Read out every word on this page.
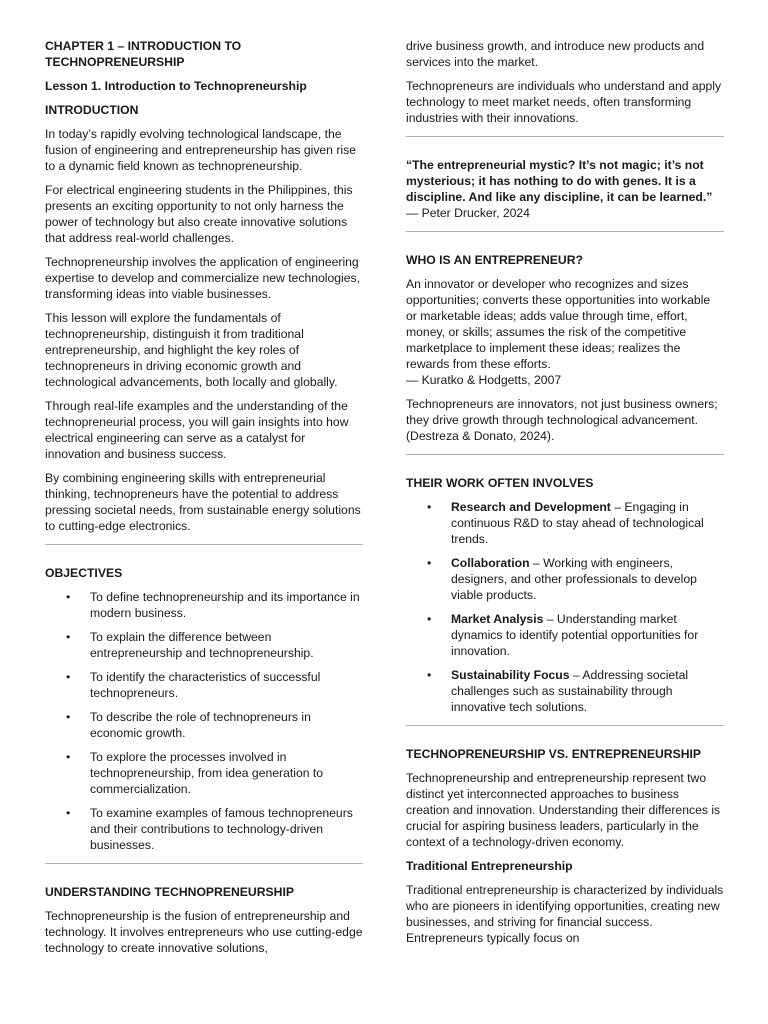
CHAPTER 1 – INTRODUCTION TO TECHNOPRENEURSHIP

Lesson 1. Introduction to Technopreneurship

INTRODUCTION

In today’s rapidly evolving technological landscape, the fusion of engineering and entrepreneurship has given rise to a dynamic field known as technopreneurship.

For electrical engineering students in the Philippines, this presents an exciting opportunity to not only harness the power of technology but also create innovative solutions that address real-world challenges.

Technopreneurship involves the application of engineering expertise to develop and commercialize new technologies, transforming ideas into viable businesses.

This lesson will explore the fundamentals of technopreneurship, distinguish it from traditional entrepreneurship, and highlight the key roles of technopreneurs in driving economic growth and technological advancements, both locally and globally.

Through real-life examples and the understanding of the technopreneurial process, you will gain insights into how electrical engineering can serve as a catalyst for innovation and business success.

By combining engineering skills with entrepreneurial thinking, technopreneurs have the potential to address pressing societal needs, from sustainable energy solutions to cutting-edge electronics.

OBJECTIVES

• To define technopreneurship and its importance in modern business.
• To explain the difference between entrepreneurship and technopreneurship.
• To identify the characteristics of successful technopreneurs.
• To describe the role of technopreneurs in economic growth.
• To explore the processes involved in technopreneurship, from idea generation to commercialization.
• To examine examples of famous technopreneurs and their contributions to technology-driven businesses.

UNDERSTANDING TECHNOPRENEURSHIP

Technopreneurship is the fusion of entrepreneurship and technology. It involves entrepreneurs who use cutting-edge technology to create innovative solutions,

drive business growth, and introduce new products and services into the market.

Technopreneurs are individuals who understand and apply technology to meet market needs, often transforming industries with their innovations.

“The entrepreneurial mystic? It’s not magic; it’s not mysterious; it has nothing to do with genes. It is a discipline. And like any discipline, it can be learned.”
— Peter Drucker, 2024

WHO IS AN ENTREPRENEUR?

An innovator or developer who recognizes and sizes opportunities; converts these opportunities into workable or marketable ideas; adds value through time, effort, money, or skills; assumes the risk of the competitive marketplace to implement these ideas; realizes the rewards from these efforts.
— Kuratko & Hodgetts, 2007

Technopreneurs are innovators, not just business owners; they drive growth through technological advancement. (Destreza & Donato, 2024).

THEIR WORK OFTEN INVOLVES

• Research and Development – Engaging in continuous R&D to stay ahead of technological trends.
• Collaboration – Working with engineers, designers, and other professionals to develop viable products.
• Market Analysis – Understanding market dynamics to identify potential opportunities for innovation.
• Sustainability Focus – Addressing societal challenges such as sustainability through innovative tech solutions.

TECHNOPRENEURSHIP VS. ENTREPRENEURSHIP

Technopreneurship and entrepreneurship represent two distinct yet interconnected approaches to business creation and innovation. Understanding their differences is crucial for aspiring business leaders, particularly in the context of a technology-driven economy.

Traditional Entrepreneurship

Traditional entrepreneurship is characterized by individuals who are pioneers in identifying opportunities, creating new businesses, and striving for financial success. Entrepreneurs typically focus on
